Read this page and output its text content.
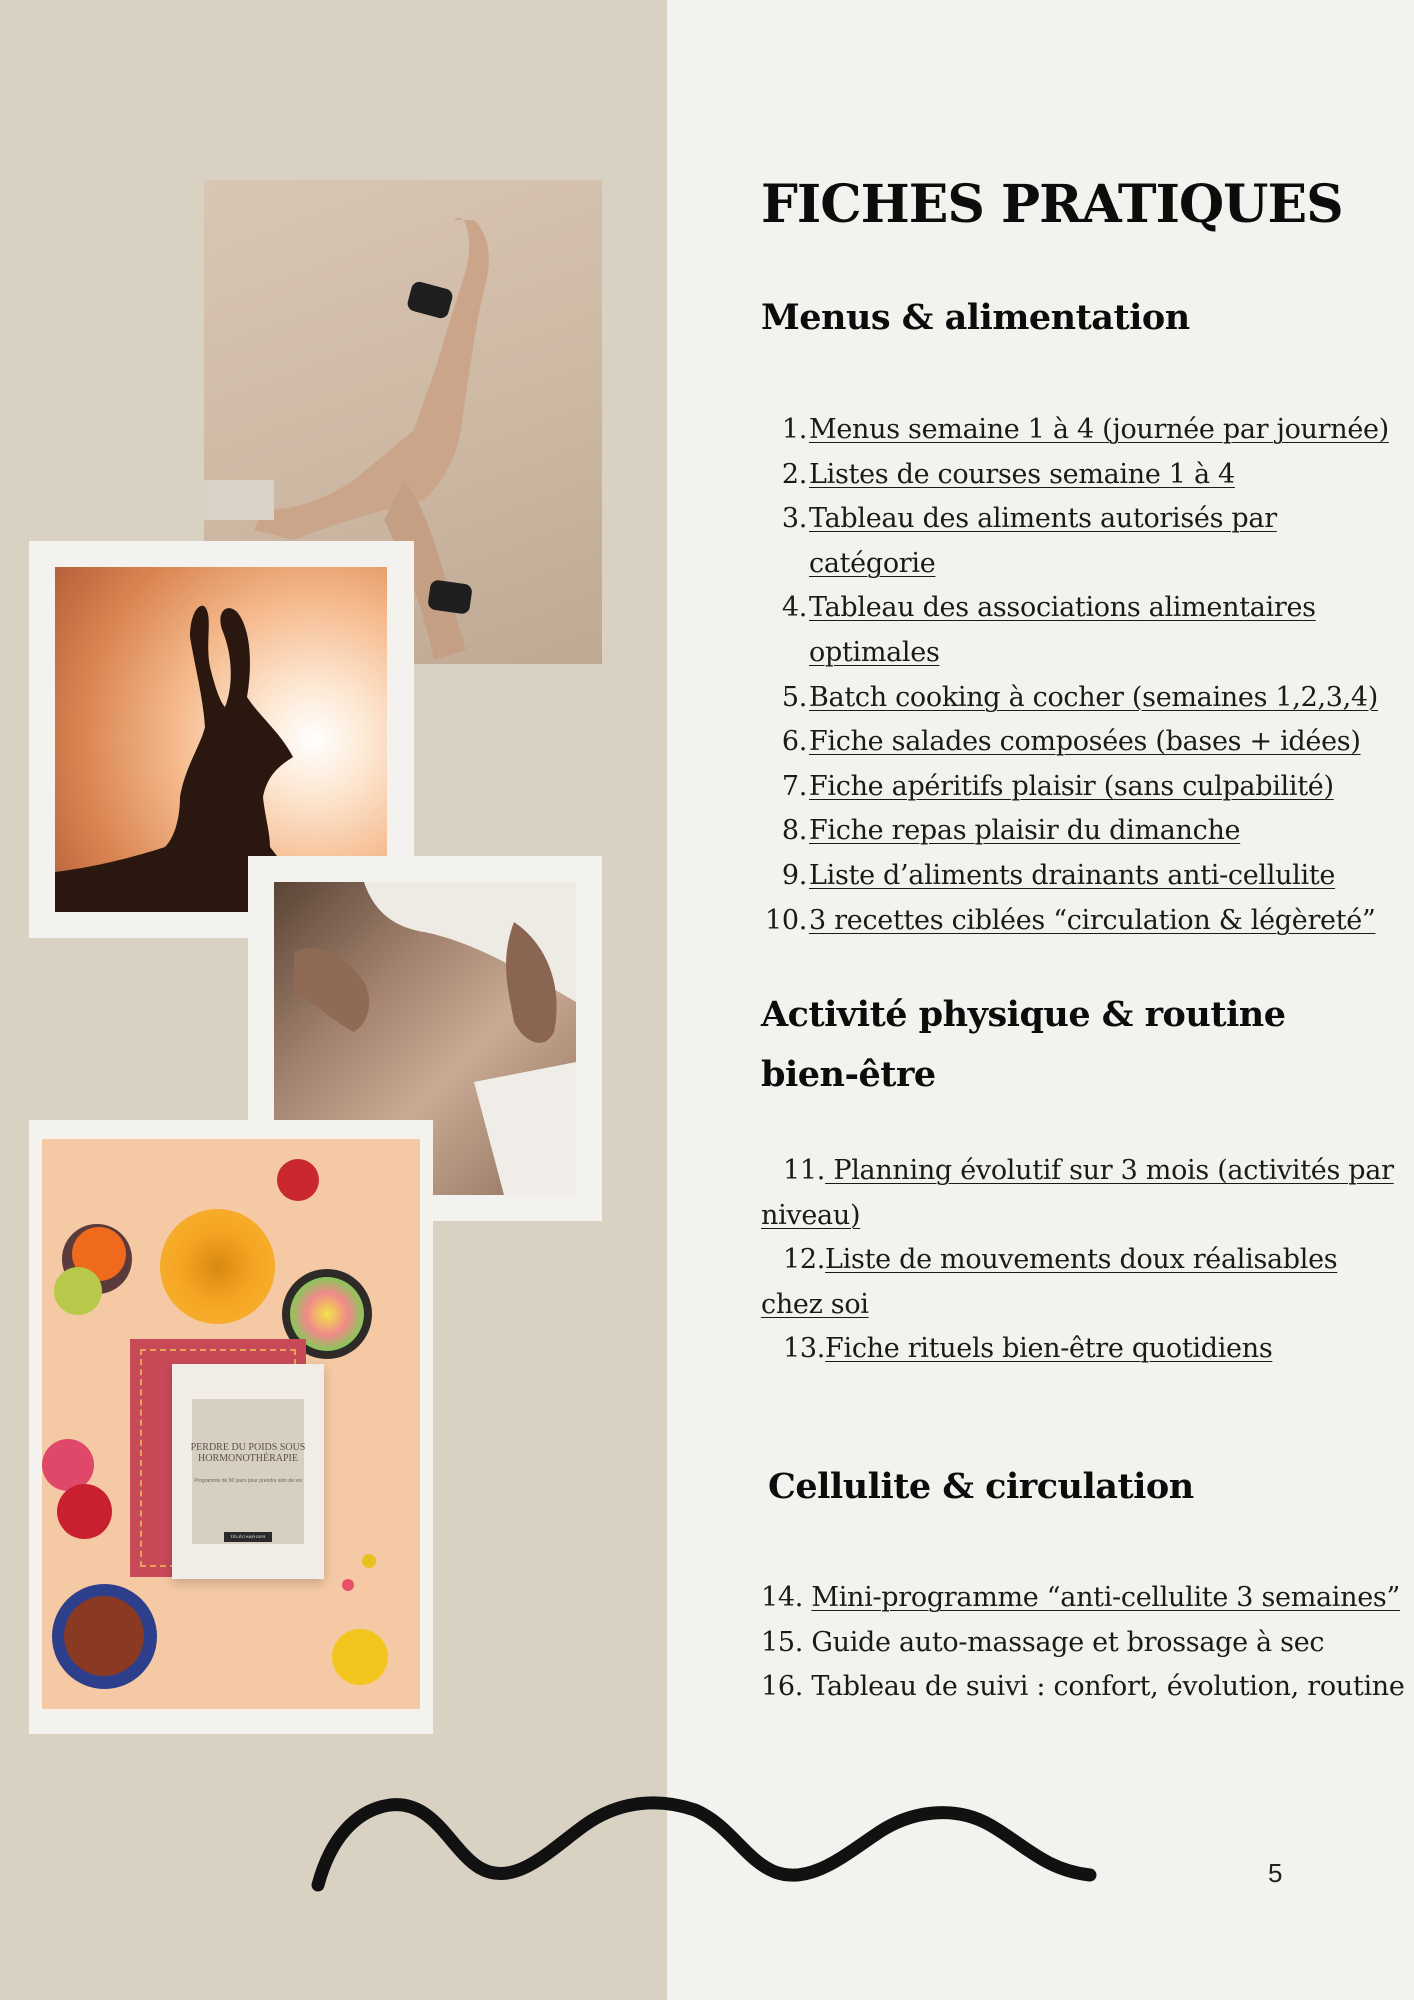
PERDRE DU POIDS SOUS HORMONOTHÉRAPIE
Programme de 90 jours pour prendre soin de soi
TÉLÉCHARGER
FICHES PRATIQUES
Menus & alimentation
1. Menus semaine 1 à 4 (journée par journée)
2. Listes de courses semaine 1 à 4
3. Tableau des aliments autorisés par catégorie
4. Tableau des associations alimentaires optimales
5. Batch cooking à cocher (semaines 1,2,3,4)
6. Fiche salades composées (bases + idées)
7. Fiche apéritifs plaisir (sans culpabilité)
8. Fiche repas plaisir du dimanche
9. Liste d’aliments drainants anti-cellulite
10. 3 recettes ciblées “circulation & légèreté”
Activité physique & routine bien-être
11. Planning évolutif sur 3 mois (activités par niveau)
12.Liste de mouvements doux réalisables chez soi
13.Fiche rituels bien-être quotidiens
Cellulite & circulation
14. Mini-programme “anti-cellulite 3 semaines”
15. Guide auto-massage et brossage à sec
16. Tableau de suivi : confort, évolution, routine
5
